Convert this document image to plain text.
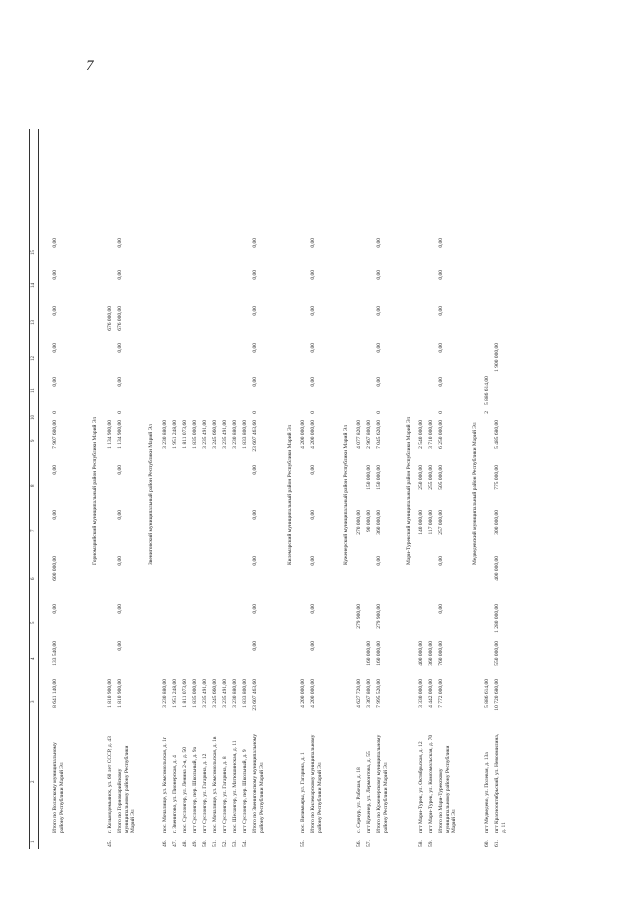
7
1
2
3
4
5
6
7
8
9
10
11
12
13
14
15
Итого по Волжскому муниципальному району Республики Марий Эл
8 641 140,00
133 540,00
0,00
600 000,00
0,00
0,00
7 907 600,00
0
0,00
0,00
0,00
0,00
0,00
Горномарийский муниципальный район Республики Марий Эл
45.
г. Козьмодемьянск, ул. 60 лет СССР, д. 43
1 810 900,00
1 134 900,00
676 000,00
Итого по Горномарийскому муниципальному району Республики Марий Эл
1 810 900,00
0,00
0,00
0,00
0,00
0,00
1 134 900,00
0
0,00
0,00
676 000,00
0,00
0,00
Звениговский муниципальный район Республики Марий Эл
46.
пос. Мочалище, ул. Комсомольская, д. 1г
3 230 880,00
3 230 880,00
47.
г. Звенигово, ул. Пионерская, д. 4
1 951 248,00
1 951 248,00
48.
пос. Суслонгер, ул. Ленина 2-я, д. 50
1 811 073,60
1 811 073,60
49.
пгт Суслонгер, пер. Школьный, д. 9а
1 835 000,00
1 835 000,00
50.
пгт Суслонгер, ул. Гагарина, д. 12
3 235 491,00
3 235 491,00
51.
пос. Мочалище, ул. Комсомольская, д. 1в
3 245 660,00
3 245 660,00
52.
пгт Суслонгер, ул. Гагарина, д. 8
3 235 491,00
3 235 491,00
53.
пос. Шелангер, ул. Матюшинская, д. 11
3 230 880,00
3 230 880,00
54.
пгт Суслонгер, пер. Школьный, д. 9
1 833 800,00
1 833 800,00
Итого по Звениговскому муниципальному району Республики Марий Эл
23 607 463,60
0,00
0,00
0,00
0,00
0,00
23 607 463,60
0
0,00
0,00
0,00
0,00
0,00
Килемарский муниципальный район Республики Марий Эл
55.
пос. Визимьяры, ул. Гагарина, д. 1
4 200 000,00
4 200 000,00
Итого по Килемарскому муниципальному району Республики Марий Эл
4 200 000,00
0,00
0,00
0,00
0,00
0,00
4 200 000,00
0
0,00
0,00
0,00
0,00
0,00
Куженерский муниципальный район Республики Марий Эл
56.
с. Сернур, ул. Рабочая, д. 18
4 627 720,00
279 900,00
270 000,00
4 077 820,00
57.
пгт Куженер, ул. Лермонтова, д. 55
3 367 800,00
160 000,00
90 000,00
150 000,00
2 967 800,00
Итого по Куженерскому муниципальному району Республики Марий Эл
7 995 520,00
160 000,00
279 900,00
0,00
360 000,00
150 000,00
7 045 620,00
0
0,00
0,00
0,00
0,00
0,00
Мари-Турекский муниципальный район Республики Марий Эл
58.
пгт Мари-Турек, ул. Октябрьская, д. 12
3 330 000,00
400 000,00
140 000,00
250 000,00
2 540 000,00
59.
пгт Мари-Турек, ул. Комсомольская, д. 70
4 442 000,00
360 000,00
117 000,00
255 000,00
3 710 000,00
Итого по Мари-Турекскому муниципальному району Республики Марий Эл
7 772 000,00
760 000,00
0,00
0,00
257 000,00
505 000,00
6 250 000,00
0
0,00
0,00
0,00
0,00
0,00
Медведевский муниципальный район Республики Марий Эл
60.
пгт Медведево, ул. Полевая, д. 13а
5 886 614,00
2
5 886 614,00
61.
пгт Краснооктябрьский, ул. Невоомилина, д. 11
10 720 680,00
550 000,00
1 280 000,00
400 000,00
300 000,00
775 000,00
5 485 680,00
1 900 000,00
